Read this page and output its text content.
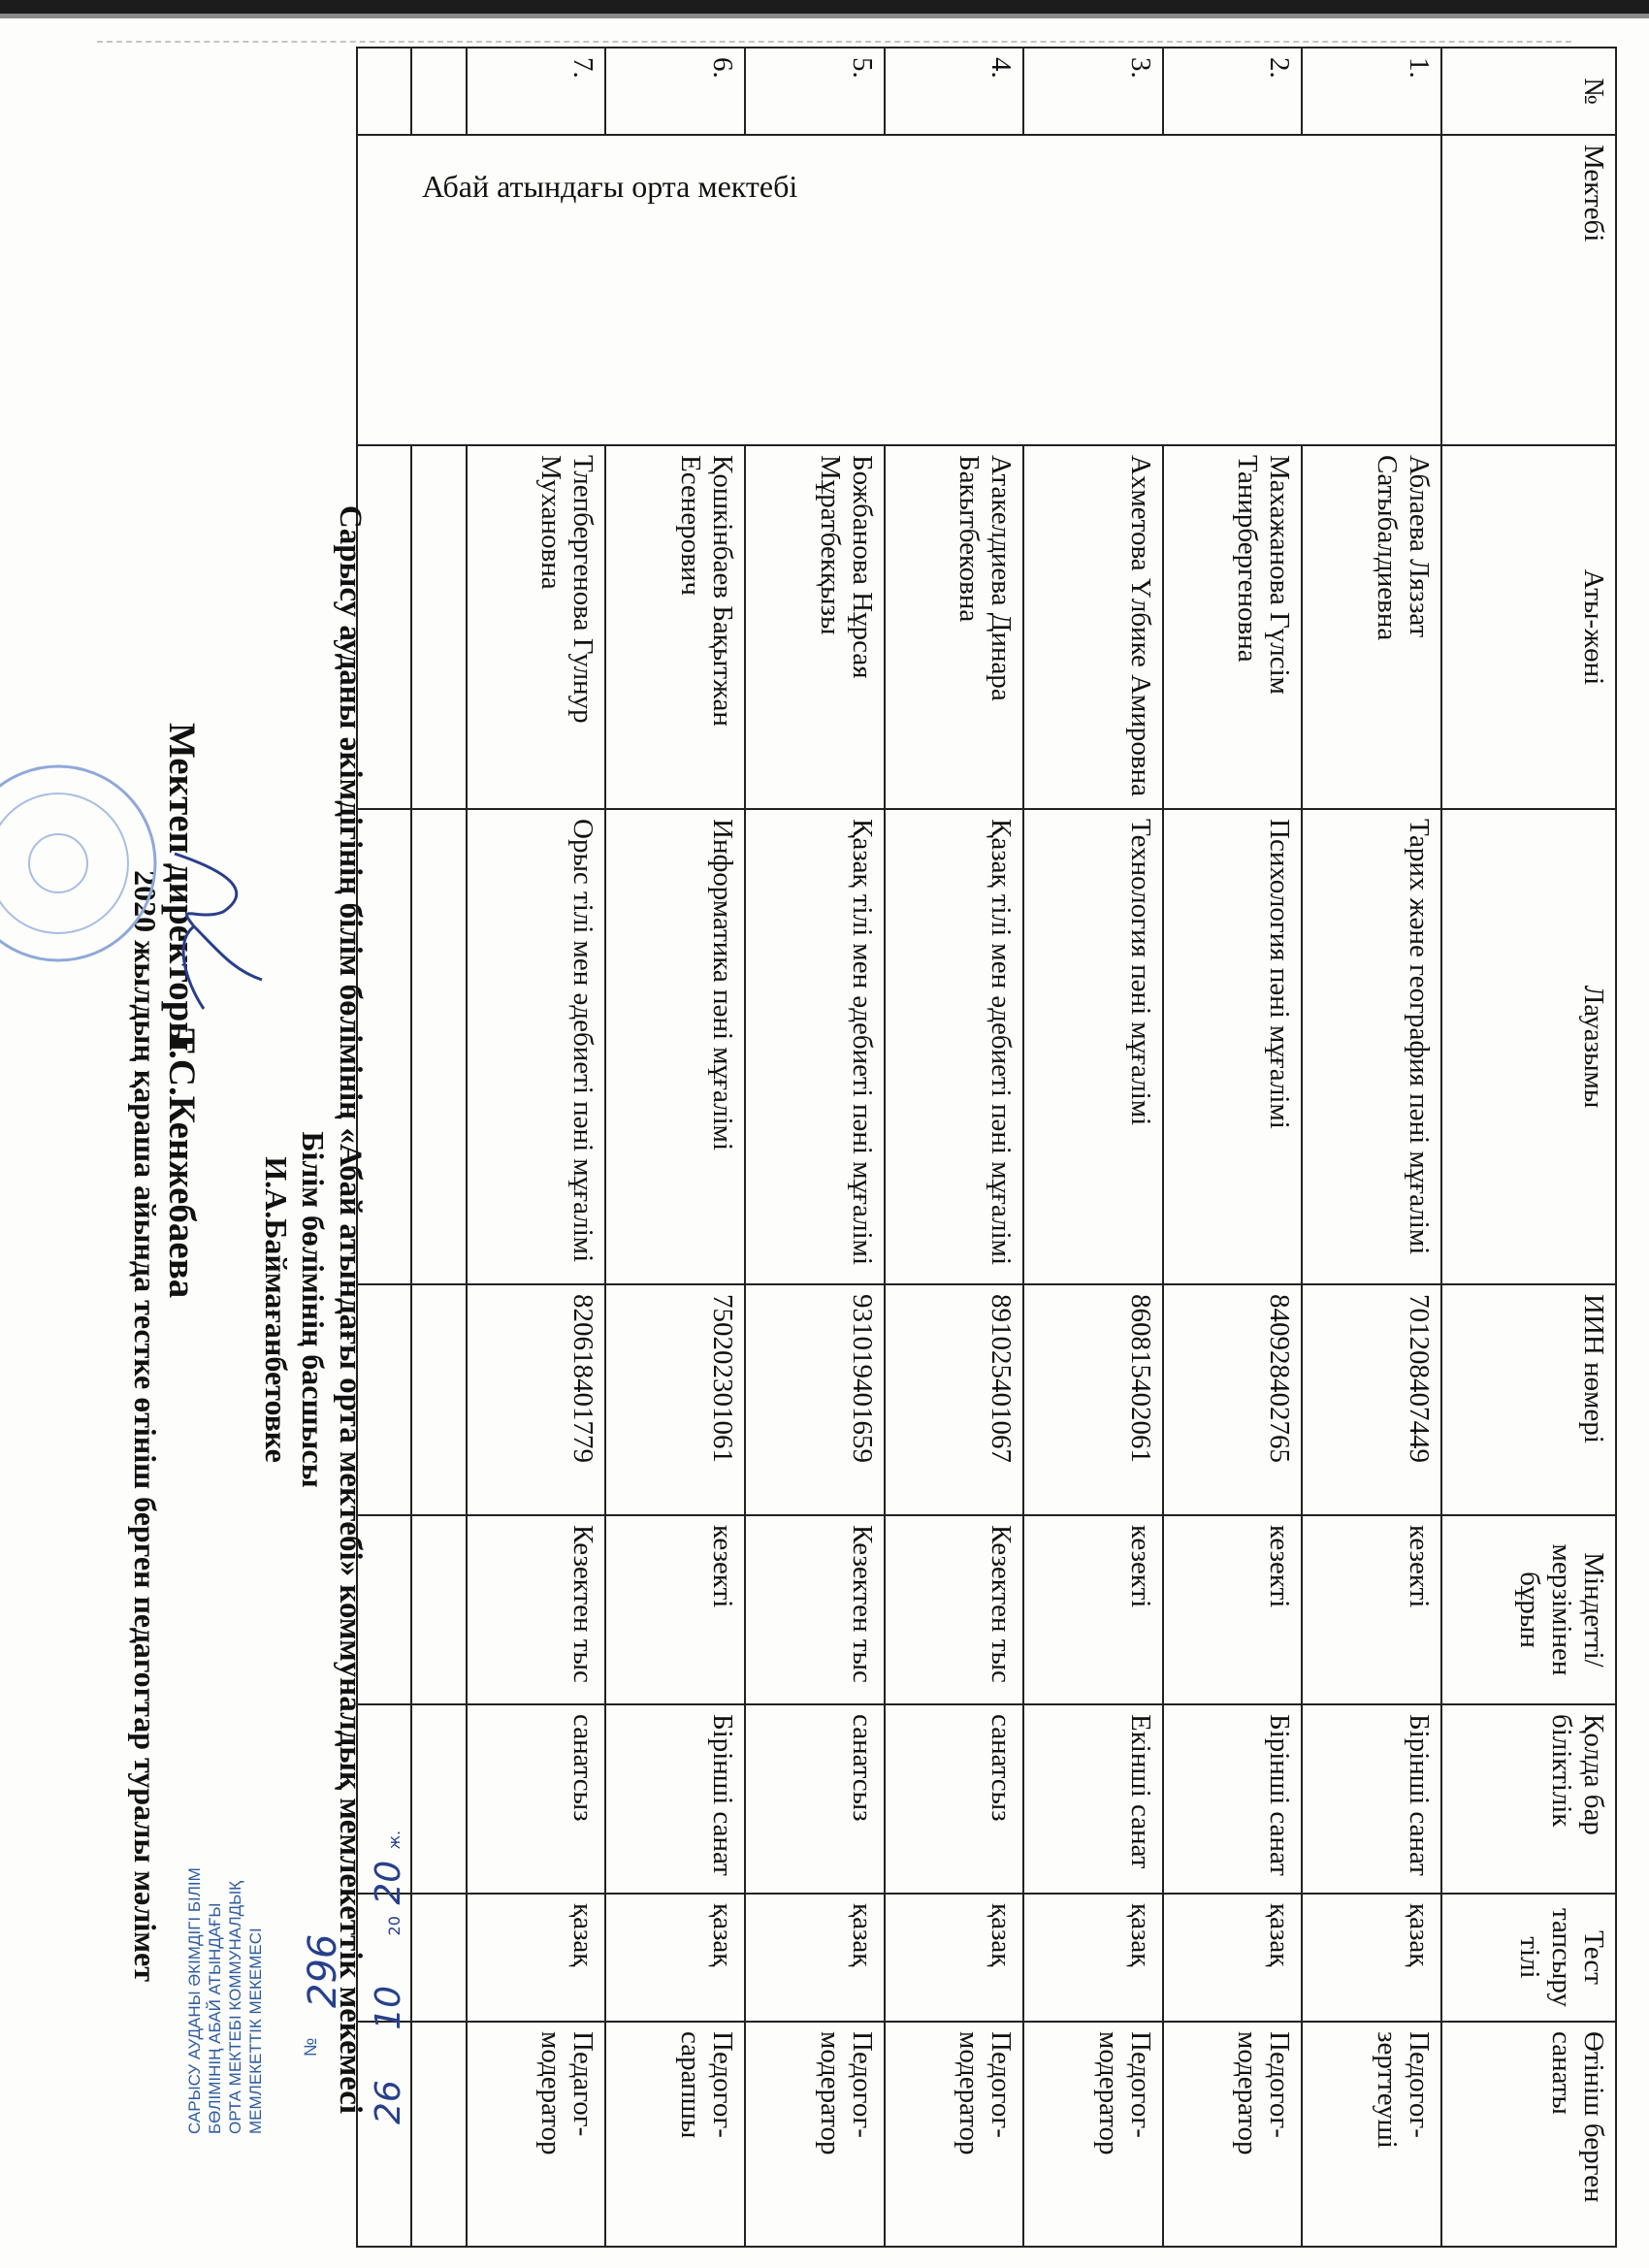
№	Мектебі	Аты-жөні	Лауазымы	ИИН нөмері	Міндетті/ мерзімінен бұрын	Қолда бар біліктілік	Тест тапсыру тілі	Өтініш берген санаты
1.	Абай атындағы орта мектебі	Аблаева Ляззат Сатыбалдиевна	Тарих және география пәні мұғалімі	701208407449	кезекті	Бірінші санат	қазақ	Педогог-зерттеуші
2.		Махажанова Гүлсім Танирбергеновна	Психология пәні мұғалімі	840928402765	кезекті	Бірінші санат	қазақ	Педогог-модератор
3.		Ахметова Үлбике Амировна	Технология пәні мұғалімі	860815402061	кезекті	Екінші санат	қазақ	Педогог-модератор
4.		Атакелдиева Динара Бакытбековна	Қазақ тілі мен әдебиеті пәні мұғалімі	891025401067	Кезектен тыс	санатсыз	қазақ	Педогог-модератор
5.		Божбанова Нұрсая Мұратбекқызы	Қазақ тілі мен әдебиеті пәні мұғалімі	931019401659	Кезектен тыс	санатсыз	қазақ	Педогог-модератор
6.		Қошкінбаев Бақытжан Есенерович	Информатика пәні мұғалімі	750202301061	кезекті	Бірінші санат	қазақ	Педогог-сарапшы
7.		Тлепбергенова Гулнур Мухановна	Орыс тілі мен әдебиеті пәні мұғалімі	820618401779	Кезектен тыс	санатсыз	қазақ	Педагог-модератор

Сарысу ауданы әкімдігінің білім бөлімінің «Абай атындағы орта мектебі» коммуналдық мемлекеттік мекемесі
Білім бөлімінің басшысы
И.А.Баймағанбетовке
2020 жылдың қараша айында тестке өтініш берген педагогтар туралы мәлімет
Мектеп директоры
Т.С.Кенжебаева
САРЫСУ АУДАНЫ ӘКІМДІГІ БІЛІМ БӨЛІМІНІҢ АБАЙ АТЫНДАҒЫ ОРТА МЕКТЕБІ КОММУНАЛДЫҚ МЕМЛЕКЕТТІК МЕКЕМЕСІ №
296
26 10 20 20 ж.
